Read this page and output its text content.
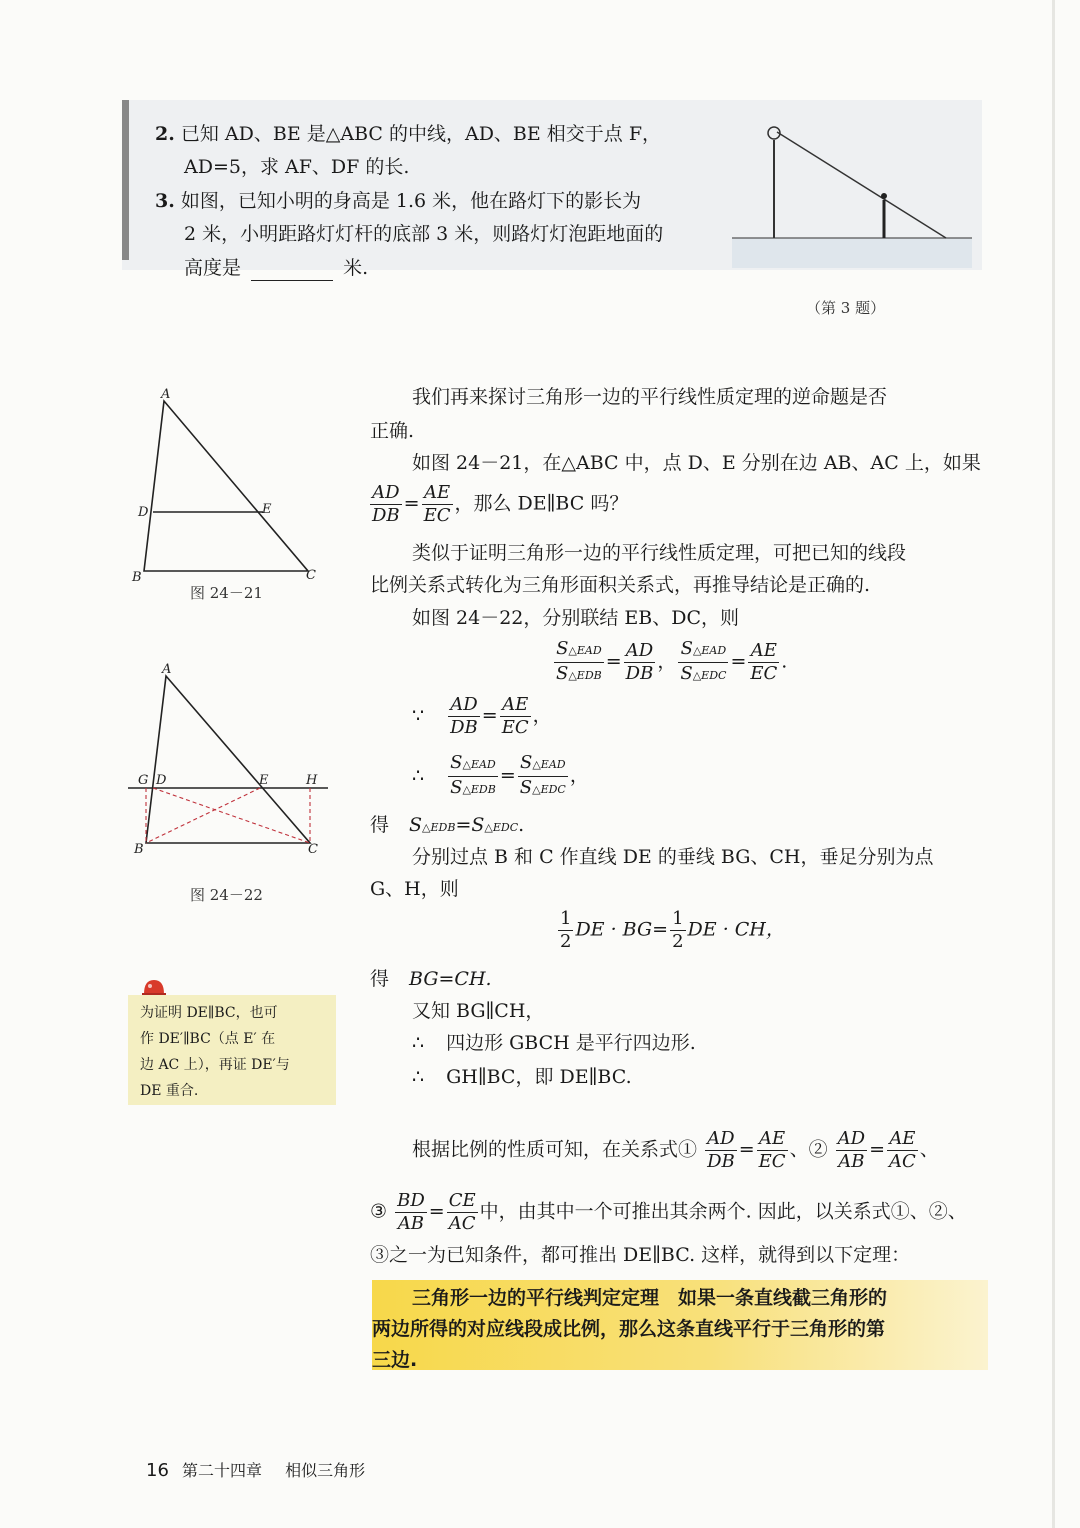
2. 已知 AD、BE 是△ABC 的中线，AD、BE 相交于点 F，
AD=5，求 AF、DF 的长.
3. 如图，已知小明的身高是 1.6 米，他在路灯下的影长为
2 米，小明距路灯灯杆的底部 3 米，则路灯灯泡距地面的
高度是	米.
（第 3 题）
A
B	C
D	E
图 24－21
A
B	C
G D	E	H
图 24－22
为证明 DE∥BC，也可
作 DE′∥BC（点 E′ 在
边 AC 上），再证 DE′与
DE 重合.
我们再来探讨三角形一边的平行线性质定理的逆命题是否
正确.
如图 24－21，在△ABC 中，点 D、E 分别在边 AB、AC 上，如果
$\frac{AD}{DB} = \frac{AE}{EC}$ ，那么 DE∥BC 吗？
类似于证明三角形一边的平行线性质定理，可把已知的线段
比例关系式转化为三角形面积关系式，再推导结论是正确的.
如图 24－22，分别联结 EB、DC，则
$\frac{\text{S△EAD}}{\text{S△EDB}} = \frac{AD}{DB}$ ， $\frac{\text{S△EAD}}{\text{S△EDC}} = \frac{AE}{EC}$ .
∵ $\frac{AD}{DB} = \frac{AE}{EC}$ ，
∴ $\frac{\text{S△EAD}}{\text{S△EDB}} = \frac{\text{S△EAD}}{\text{S△EDC}}$ ，
得 S△EDB=S△EDC.
分别过点 B 和 C 作直线 DE 的垂线 BG、CH，垂足分别为点
G、H，则
$\frac{1}{2}$ DE · $BG= \frac{1}{2}$ DE · CH，
得 BG=CH.
又知 BG∥CH，
∴ 四边形 GBCH 是平行四边形.
∴ GH∥BC，即 DE∥BC.
根据比例的性质可知，在关系式① $\frac{AD}{DB} = \frac{AE}{EC}$ 、② $\frac{AD}{AB} = \frac{AE}{AC}$ 、
③ $\frac{BD}{AB} = \frac{CE}{AC}$ 中，由其中一个可推出其余两个. 因此，以关系式①、②、
③之一为已知条件，都可推出 DE∥BC. 这样，就得到以下定理：
三角形一边的平行线判定定理　如果一条直线截三角形的
两边所得的对应线段成比例，那么这条直线平行于三角形的第
三边.
16 第二十四章 相似三角形
